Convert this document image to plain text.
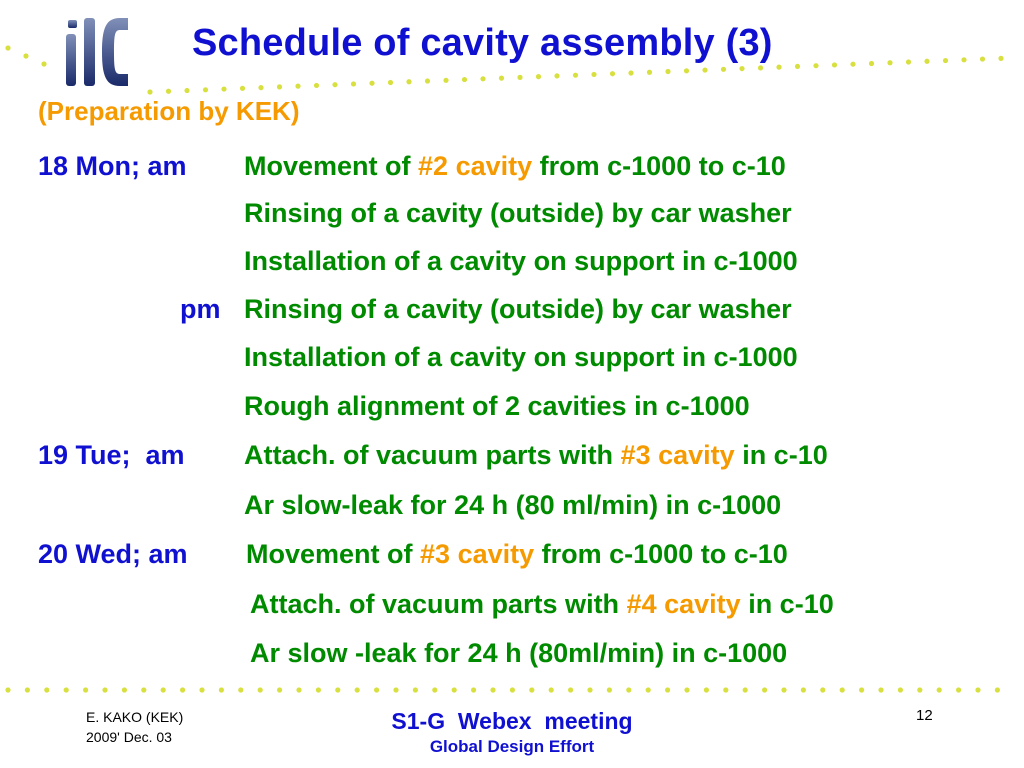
Schedule of cavity assembly (3)
(Preparation by KEK)
18 Mon; am Movement of #2 cavity from c-1000 to c-10
Rinsing of a cavity (outside) by car washer
Installation of a cavity on support in c-1000
pm Rinsing of a cavity (outside) by car washer
Installation of a cavity on support in c-1000
Rough alignment of 2 cavities in c-1000
19 Tue;  am Attach. of vacuum parts with #3 cavity in c-10
Ar slow-leak for 24 h (80 ml/min) in c-1000
20 Wed; am Movement of #3 cavity from c-1000 to c-10
Attach. of vacuum parts with #4 cavity in c-10
Ar slow -leak for 24 h (80ml/min) in c-1000
E. KAKO (KEK)
2009' Dec. 03
S1-G  Webex  meeting
Global Design Effort
12
